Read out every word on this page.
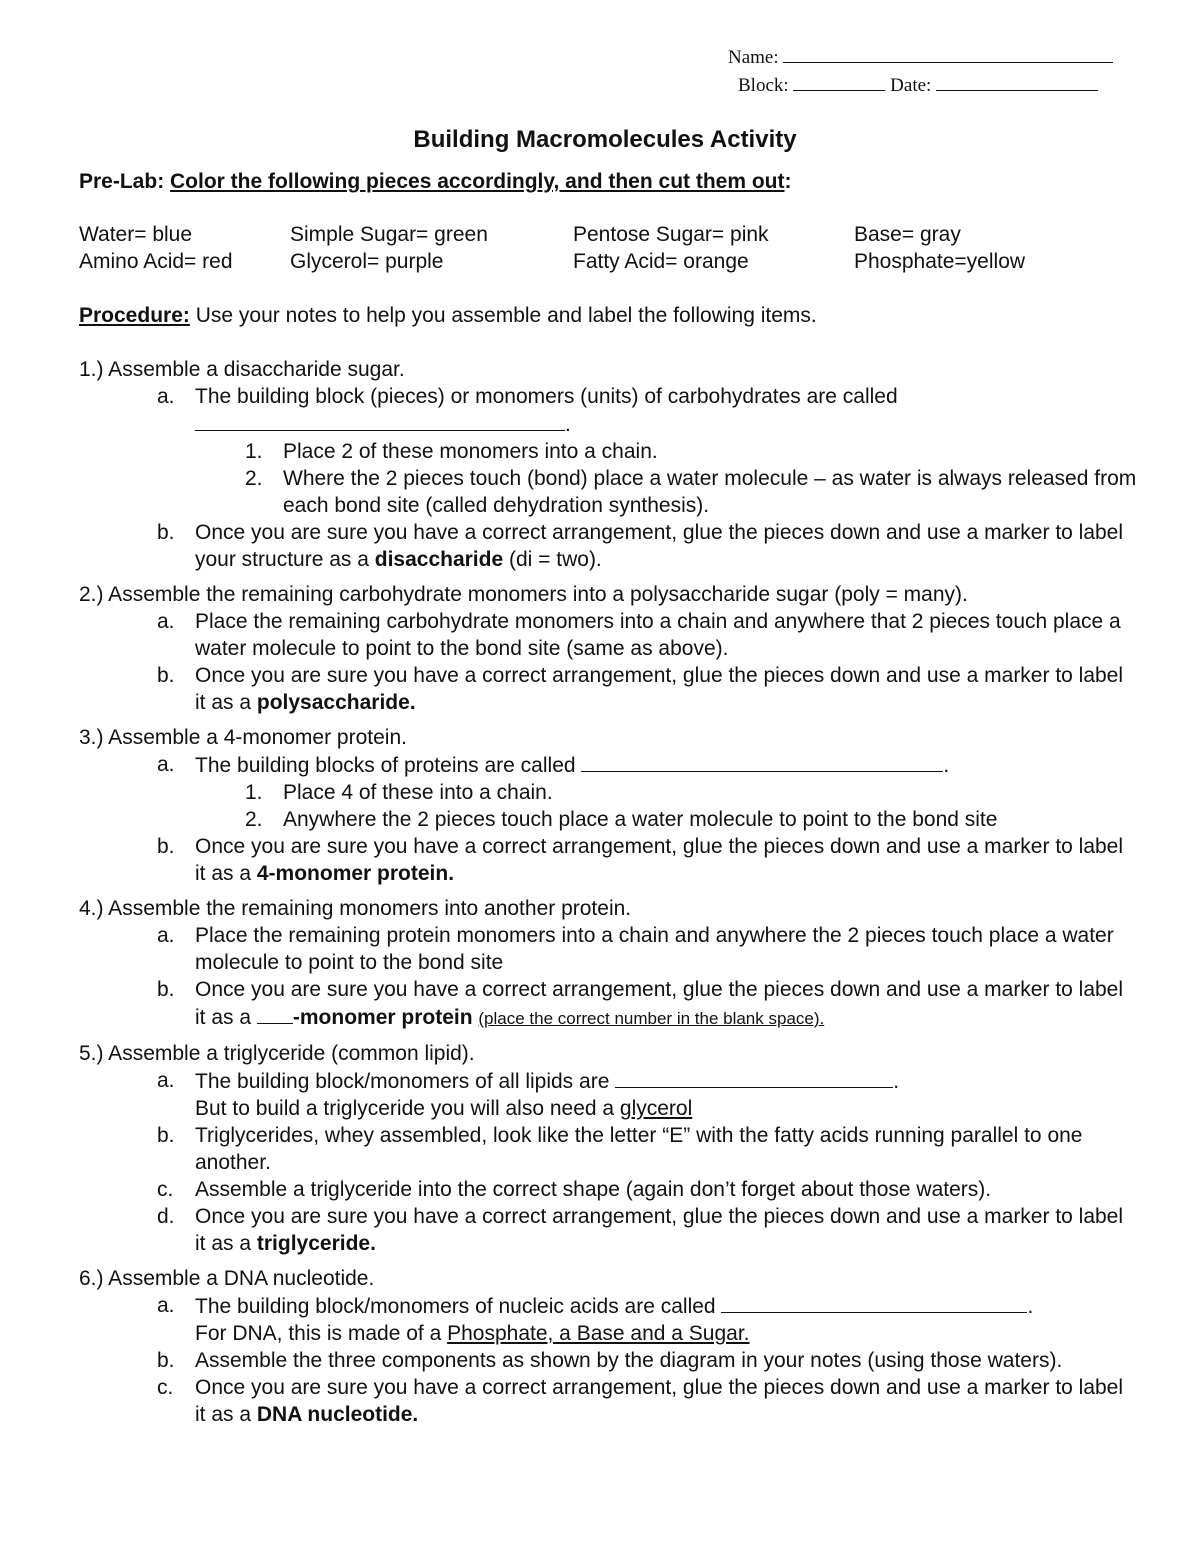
Name:
Block:	Date:
Building Macromolecules Activity

Pre-Lab: Color the following pieces accordingly, and then cut them out:

Water= blue	Simple Sugar= green	Pentose Sugar= pink	Base= gray
Amino Acid= red	Glycerol= purple	Fatty Acid= orange	Phosphate=yellow
Procedure: Use your notes to help you assemble and label the following items.
1.) Assemble a disaccharide sugar.
a. The building block (pieces) or monomers (units) of carbohydrates are called
.
1. Place 2 of these monomers into a chain.
2. Where the 2 pieces touch (bond) place a water molecule – as water is always released from each bond site (called dehydration synthesis).
b. Once you are sure you have a correct arrangement, glue the pieces down and use a marker to label your structure as a disaccharide (di = two).
2.) Assemble the remaining carbohydrate monomers into a polysaccharide sugar (poly = many).
a. Place the remaining carbohydrate monomers into a chain and anywhere that 2 pieces touch place a water molecule to point to the bond site (same as above).
b. Once you are sure you have a correct arrangement, glue the pieces down and use a marker to label it as a polysaccharide.
3.) Assemble a 4-monomer protein.
a. The building blocks of proteins are called	.
1. Place 4 of these into a chain.
2. Anywhere the 2 pieces touch place a water molecule to point to the bond site
b. Once you are sure you have a correct arrangement, glue the pieces down and use a marker to label it as a 4-monomer protein.
4.) Assemble the remaining monomers into another protein.
a. Place the remaining protein monomers into a chain and anywhere the 2 pieces touch place a water molecule to point to the bond site
b. Once you are sure you have a correct arrangement, glue the pieces down and use a marker to label it as a -monomer protein (place the correct number in the blank space).
5.) Assemble a triglyceride (common lipid).
a. The building block/monomers of all lipids are	.
But to build a triglyceride you will also need a glycerol
b. Triglycerides, whey assembled, look like the letter “E” with the fatty acids running parallel to one another.
c.	Assemble a triglyceride into the correct shape (again don’t forget about those waters).
d. Once you are sure you have a correct arrangement, glue the pieces down and use a marker to label it as a triglyceride.
6.) Assemble a DNA nucleotide.
a. The building block/monomers of nucleic acids are called	.
For DNA, this is made of a Phosphate, a Base and a Sugar.
b. Assemble the three components as shown by the diagram in your notes (using those waters).
c.	Once you are sure you have a correct arrangement, glue the pieces down and use a marker to label it as a DNA nucleotide.
